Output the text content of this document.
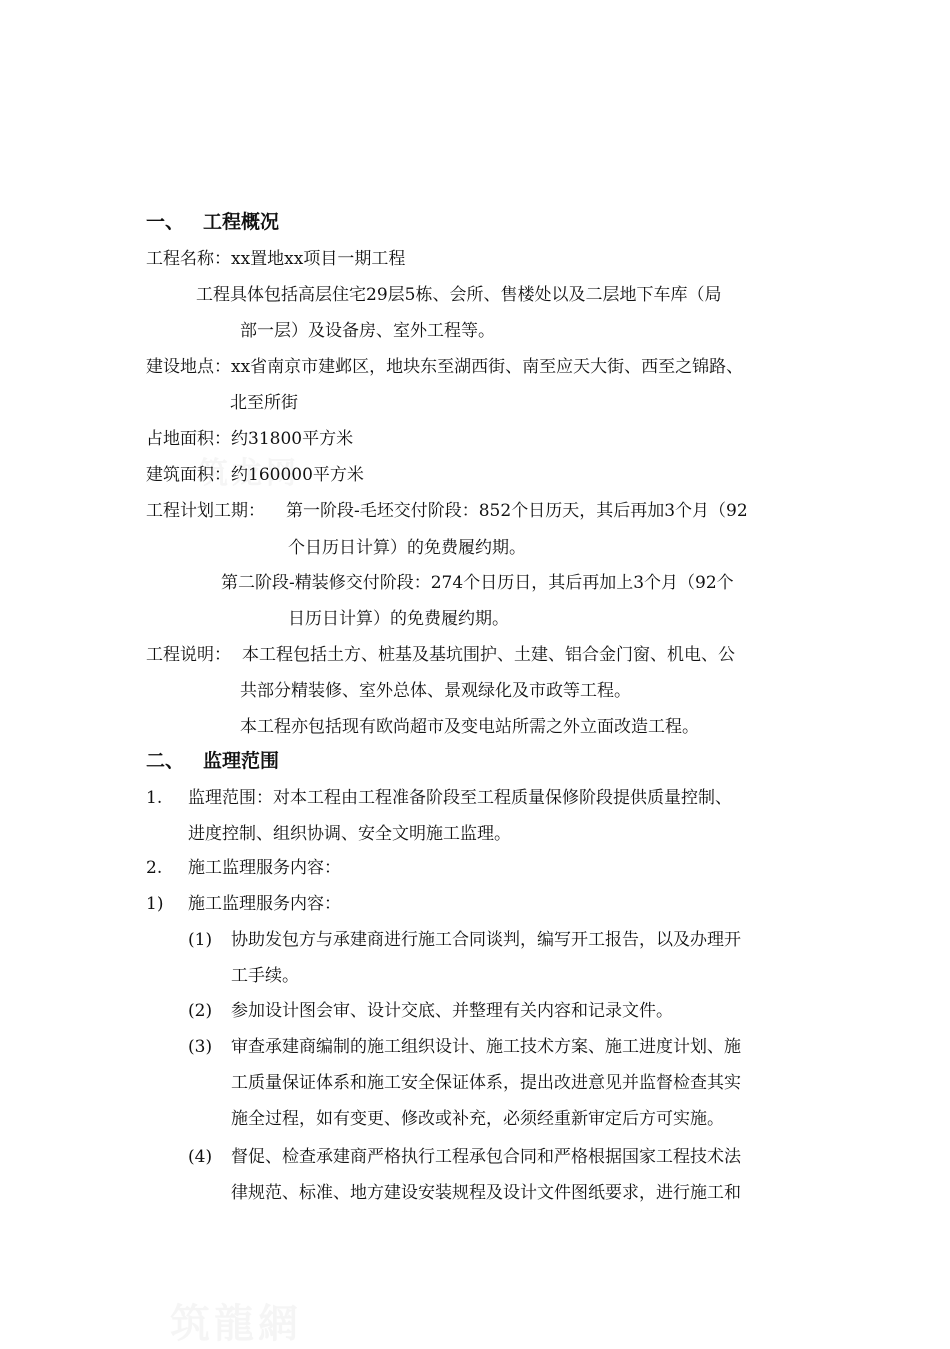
一、 工程概况
工程名称：xx置地xx项目一期工程
工程具体包括高层住宅29层5栋、会所、售楼处以及二层地下车库（局
部一层）及设备房、室外工程等。
建设地点：xx省南京市建邺区，地块东至湖西街、南至应天大街、西至之锦路、
北至所街
占地面积：约31800平方米
建筑面积：约160000平方米
工程计划工期： 第一阶段-毛坯交付阶段：852个日历天，其后再加3个月（92
个日历日计算）的免费履约期。
第二阶段-精装修交付阶段：274个日历日，其后再加上3个月（92个
日历日计算）的免费履约期。
工程说明： 本工程包括土方、桩基及基坑围护、土建、铝合金门窗、机电、公
共部分精装修、室外总体、景观绿化及市政等工程。
本工程亦包括现有欧尚超市及变电站所需之外立面改造工程。
二、 监理范围
1. 监理范围：对本工程由工程准备阶段至工程质量保修阶段提供质量控制、
进度控制、组织协调、安全文明施工监理。
2. 施工监理服务内容：
1) 施工监理服务内容：
(1) 协助发包方与承建商进行施工合同谈判，编写开工报告，以及办理开
工手续。
(2) 参加设计图会审、设计交底、并整理有关内容和记录文件。
(3) 审查承建商编制的施工组织设计、施工技术方案、施工进度计划、施
工质量保证体系和施工安全保证体系，提出改进意见并监督检查其实
施全过程，如有变更、修改或补充，必须经重新审定后方可实施。
(4) 督促、检查承建商严格执行工程承包合同和严格根据国家工程技术法
律规范、标准、地方建设安装规程及设计文件图纸要求，进行施工和
